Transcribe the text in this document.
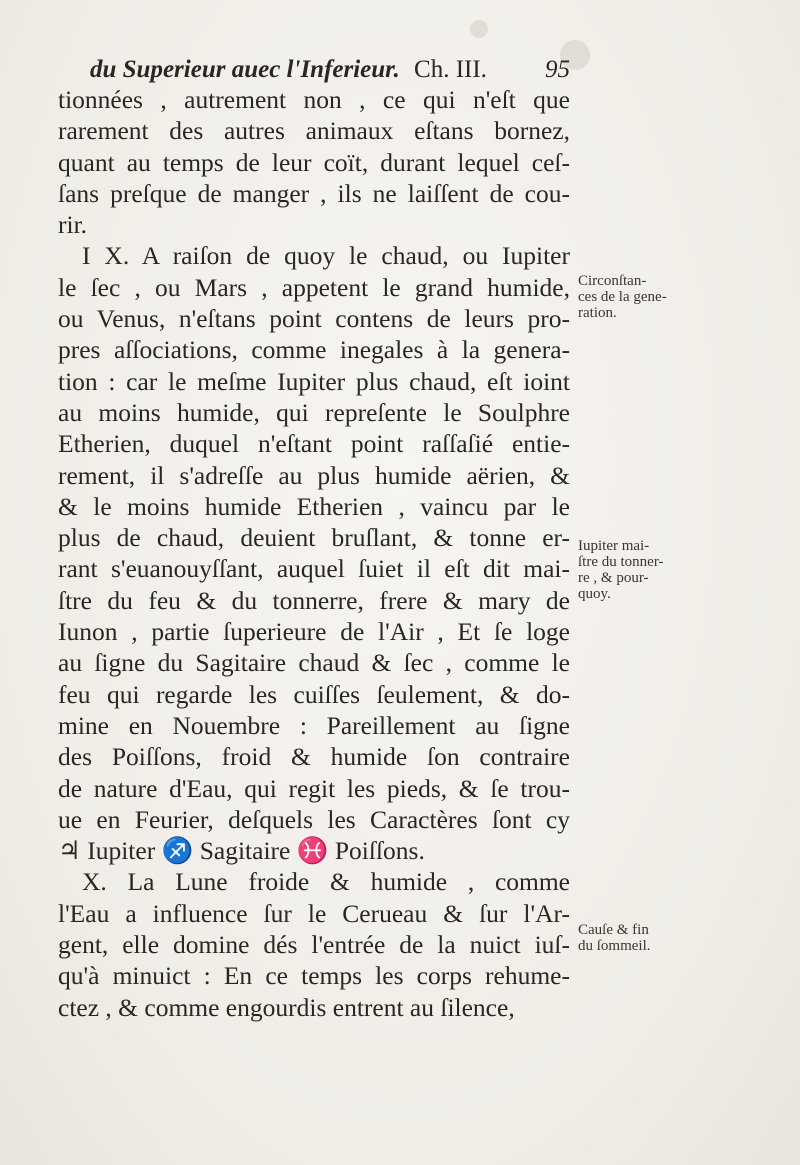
du Superieur auec l'Inferieur. Ch. III. 95
tionnées , autrement non , ce qui n'eſt que
rarement des autres animaux eſtans bornez,
quant au temps de leur coït, durant lequel ceſ-
ſans preſque de manger , ils ne laiſſent de cou-
rir.
I X. A raiſon de quoy le chaud, ou Iupiter
le ſec , ou Mars , appetent le grand humide,
ou Venus, n'eſtans point contens de leurs pro-
pres aſſociations, comme inegales à la genera-
tion : car le meſme Iupiter plus chaud, eſt ioint
au moins humide, qui repreſente le Soulphre
Etherien, duquel n'eſtant point raſſaſié entie-
rement, il s'adreſſe au plus humide aërien, &
& le moins humide Etherien , vaincu par le
plus de chaud, deuient bruſlant, & tonne er-
rant s'euanouyſſant, auquel ſuiet il eſt dit mai-
ſtre du feu & du tonnerre, frere & mary de
Iunon , partie ſuperieure de l'Air , Et ſe loge
au ſigne du Sagitaire chaud & ſec , comme le
feu qui regarde les cuiſſes ſeulement, & do-
mine en Nouembre : Pareillement au ſigne
des Poiſſons, froid & humide ſon contraire
de nature d'Eau, qui regit les pieds, & ſe trou-
ue en Feurier, deſquels les Caractères ſont cy
♃ Iupiter ♐ Sagitaire ♓ Poiſſons.
X. La Lune froide & humide , comme
l'Eau a influence ſur le Cerueau & ſur l'Ar-
gent, elle domine dés l'entrée de la nuict iuſ-
qu'à minuict : En ce temps les corps rehume-
ctez , & comme engourdis entrent au ſilence,
Circonſtan-
ces de la gene-
ration.
Iupiter mai-
ſtre du tonner-
re , & pour-
quoy.
Cauſe & fin
du ſommeil.
